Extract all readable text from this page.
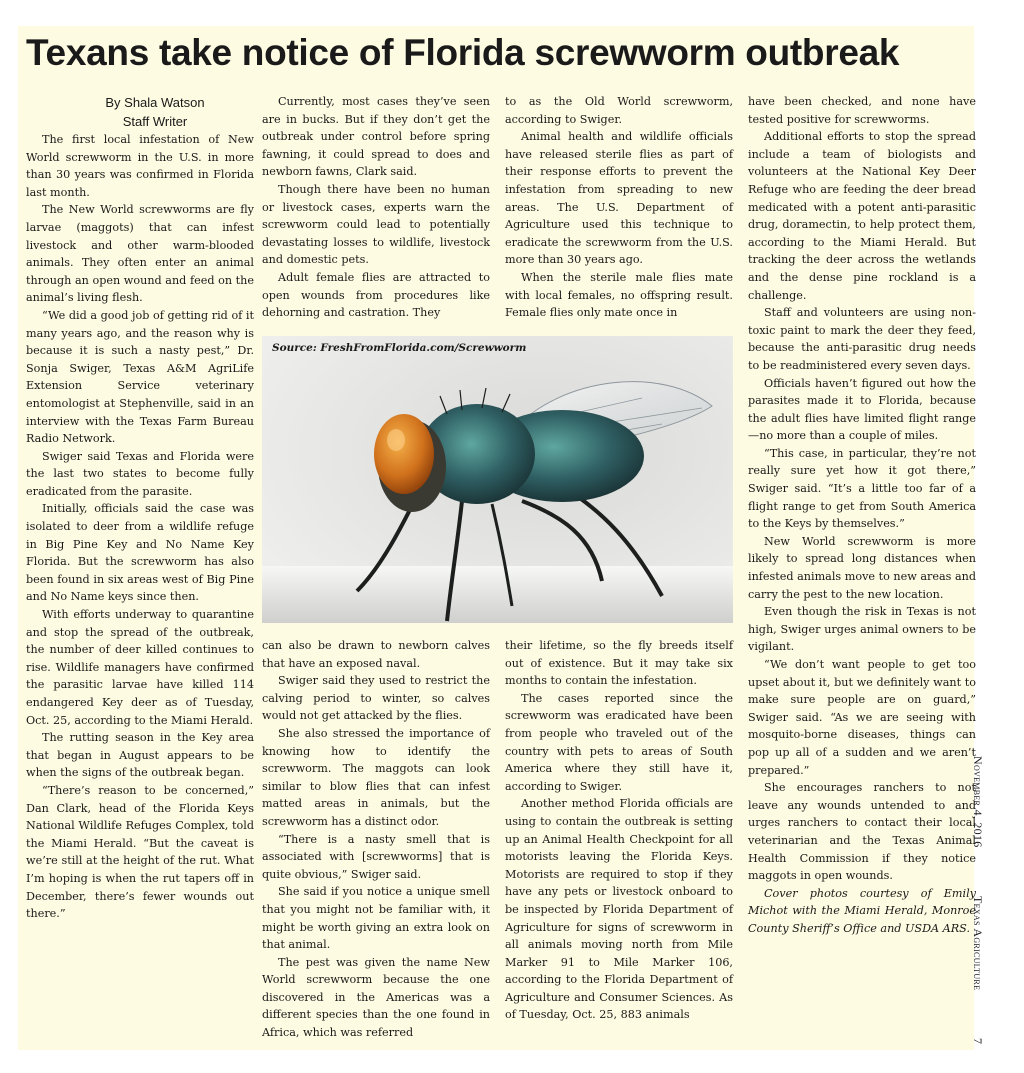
Texans take notice of Florida screwworm outbreak
By Shala Watson
Staff Writer

The first local infestation of New World screwworm in the U.S. in more than 30 years was confirmed in Florida last month.

The New World screwworms are fly larvae (maggots) that can infest livestock and other warm-blooded animals. They often enter an animal through an open wound and feed on the animal’s living flesh.

“We did a good job of getting rid of it many years ago, and the reason why is because it is such a nasty pest,” Dr. Sonja Swiger, Texas A&M AgriLife Extension Service veterinary entomologist at Stephenville, said in an interview with the Texas Farm Bureau Radio Network.

Swiger said Texas and Florida were the last two states to become fully eradicated from the parasite.

Initially, officials said the case was isolated to deer from a wildlife refuge in Big Pine Key and No Name Key Florida. But the screwworm has also been found in six areas west of Big Pine and No Name keys since then.

With efforts underway to quarantine and stop the spread of the outbreak, the number of deer killed continues to rise. Wildlife managers have confirmed the parasitic larvae have killed 114 endangered Key deer as of Tuesday, Oct. 25, according to the Miami Herald.

The rutting season in the Key area that began in August appears to be when the signs of the outbreak began.

“There’s reason to be concerned,” Dan Clark, head of the Florida Keys National Wildlife Refuges Complex, told the Miami Herald. “But the caveat is we’re still at the height of the rut. What I’m hoping is when the rut tapers off in December, there’s fewer wounds out there.”

Currently, most cases they’ve seen are in bucks. But if they don’t get the outbreak under control before spring fawning, it could spread to does and newborn fawns, Clark said.

Though there have been no human or livestock cases, experts warn the screwworm could lead to potentially devastating losses to wildlife, livestock and domestic pets.

Adult female flies are attracted to open wounds from procedures like dehorning and castration. They

to as the Old World screwworm, according to Swiger.

Animal health and wildlife officials have released sterile flies as part of their response efforts to prevent the infestation from spreading to new areas. The U.S. Department of Agriculture used this technique to eradicate the screwworm from the U.S. more than 30 years ago.

When the sterile male flies mate with local females, no offspring result. Female flies only mate once in

Source: FreshFromFlorida.com/Screwworm

can also be drawn to newborn calves that have an exposed naval.

Swiger said they used to restrict the calving period to winter, so calves would not get attacked by the flies.

She also stressed the importance of knowing how to identify the screwworm. The maggots can look similar to blow flies that can infest matted areas in animals, but the screwworm has a distinct odor.

“There is a nasty smell that is associated with [screwworms] that is quite obvious,” Swiger said.

She said if you notice a unique smell that you might not be familiar with, it might be worth giving an extra look on that animal.

The pest was given the name New World screwworm because the one discovered in the Americas was a different species than the one found in Africa, which was referred

their lifetime, so the fly breeds itself out of existence. But it may take six months to contain the infestation.

The cases reported since the screwworm was eradicated have been from people who traveled out of the country with pets to areas of South America where they still have it, according to Swiger.

Another method Florida officials are using to contain the outbreak is setting up an Animal Health Checkpoint for all motorists leaving the Florida Keys. Motorists are required to stop if they have any pets or livestock onboard to be inspected by Florida Department of Agriculture for signs of screwworm in all animals moving north from Mile Marker 91 to Mile Marker 106, according to the Florida Department of Agriculture and Consumer Sciences. As of Tuesday, Oct. 25, 883 animals

have been checked, and none have tested positive for screwworms.

Additional efforts to stop the spread include a team of biologists and volunteers at the National Key Deer Refuge who are feeding the deer bread medicated with a potent anti-parasitic drug, doramectin, to help protect them, according to the Miami Herald. But tracking the deer across the wetlands and the dense pine rockland is a challenge.

Staff and volunteers are using non-toxic paint to mark the deer they feed, because the anti-parasitic drug needs to be readministered every seven days.

Officials haven’t figured out how the parasites made it to Florida, because the adult flies have limited flight range—no more than a couple of miles.

“This case, in particular, they’re not really sure yet how it got there,” Swiger said. “It’s a little too far of a flight range to get from South America to the Keys by themselves.”

New World screwworm is more likely to spread long distances when infested animals move to new areas and carry the pest to the new location.

Even though the risk in Texas is not high, Swiger urges animal owners to be vigilant.

“We don’t want people to get too upset about it, but we definitely want to make sure people are on guard,” Swiger said. “As we are seeing with mosquito-borne diseases, things can pop up all of a sudden and we aren’t prepared.”

She encourages ranchers to not leave any wounds untended to and urges ranchers to contact their local veterinarian and the Texas Animal Health Commission if they notice maggots in open wounds.

Cover photos courtesy of Emily Michot with the Miami Herald, Monroe County Sheriff’s Office and USDA ARS.

November 4, 2016
Texas Agriculture
7
